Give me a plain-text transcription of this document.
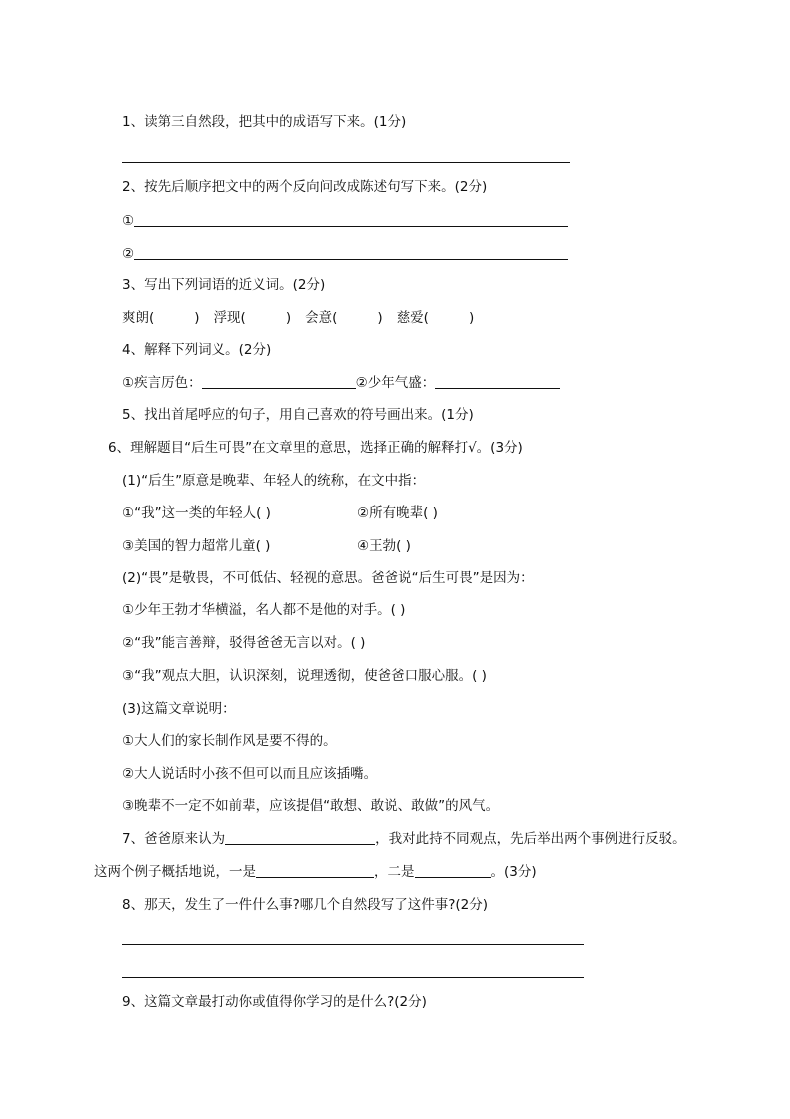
1、读第三自然段，把其中的成语写下来。(1分)
2、按先后顺序把文中的两个反向问改成陈述句写下来。(2分)
①
②
3、写出下列词语的近义词。(2分)
爽朗(	) 浮现(	) 会意(	) 慈爱(	)
4、解释下列词义。(2分)
①疾言厉色：	②少年气盛：
5、找出首尾呼应的句子，用自己喜欢的符号画出来。(1分)
6、理解题目“后生可畏”在文章里的意思，选择正确的解释打√。(3分)
(1)“后生”原意是晚辈、年轻人的统称，在文中指：
①“我”这一类的年轻人( )	②所有晚辈( )
③美国的智力超常儿童( )	④王勃( )
(2)“畏”是敬畏，不可低估、轻视的意思。爸爸说“后生可畏”是因为：
①少年王勃才华横溢，名人都不是他的对手。( )
②“我”能言善辩，驳得爸爸无言以对。( )
③“我”观点大胆，认识深刻，说理透彻，使爸爸口服心服。( )
(3)这篇文章说明：
①大人们的家长制作风是要不得的。
②大人说话时小孩不但可以而且应该插嘴。
③晚辈不一定不如前辈，应该提倡“敢想、敢说、敢做”的风气。
7、爸爸原来认为	，我对此持不同观点，先后举出两个事例进行反驳。
这两个例子概括地说，一是	，二是	。(3分)
8、那天，发生了一件什么事?哪几个自然段写了这件事?(2分)
9、这篇文章最打动你或值得你学习的是什么?(2分)
